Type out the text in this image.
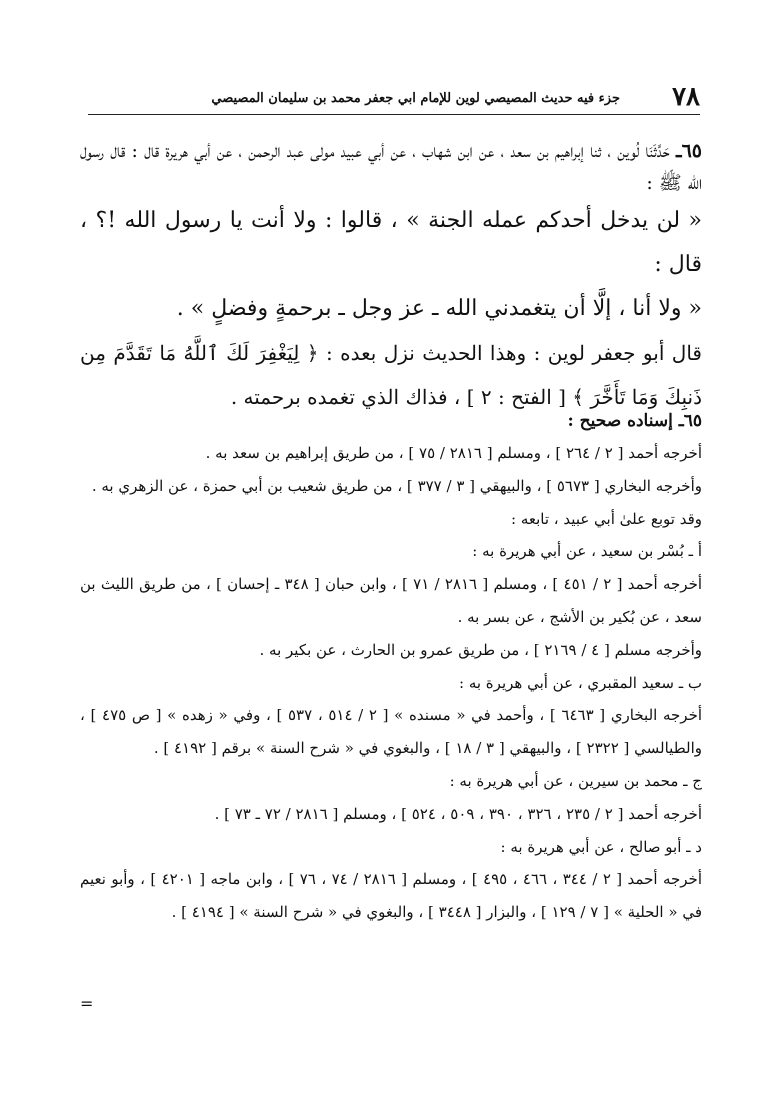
٧٨
جزء فيه حديث المصيصي لوين للإمام ابي جعفر محمد بن سليمان المصيصي

٦٥ـ حَدَّثَنَا لُوين ، ثنا إبراهيم بن سعد ، عن ابن شهاب ، عن أبي عبيد مولى عبد الرحمن ، عن أبي هريرة قال : قال رسول الله ﷺ :

« لن يدخل أحدكم عمله الجنة » ، قالوا : ولا أنت يا رسول الله !؟ ، قال :

« ولا أنا ، إلَّا أن يتغمدني الله ـ عز وجل ـ برحمةٍ وفضلٍ » .

قال أبو جعفر لوين : وهذا الحديث نزل بعده : ﴿ لِيَغْفِرَ لَكَ ٱللَّهُ مَا تَقَدَّمَ مِن ذَنبِكَ وَمَا تَأَخَّرَ ﴾ [ الفتح : ٢ ] ، فذاك الذي تغمده برحمته .

٦٥ـ إسناده صحيح :

أخرجه أحمد [ ٢ / ٢٦٤ ] ، ومسلم [ ٢٨١٦ / ٧٥ ] ، من طريق إبراهيم بن سعد به .

وأخرجه البخاري [ ٥٦٧٣ ] ، والبيهقي [ ٣ / ٣٧٧ ] ، من طريق شعيب بن أبي حمزة ، عن الزهري به .

وقد توبع علىٰ أبي عبيد ، تابعه :

أ ـ بُسْر بن سعيد ، عن أبي هريرة به :

أخرجه أحمد [ ٢ / ٤٥١ ] ، ومسلم [ ٢٨١٦ / ٧١ ] ، وابن حبان [ ٣٤٨ ـ إحسان ] ، من طريق الليث بن سعد ، عن بُكير بن الأشج ، عن بسر به .

وأخرجه مسلم [ ٤ / ٢١٦٩ ] ، من طريق عمرو بن الحارث ، عن بكير به .

ب ـ سعيد المقبري ، عن أبي هريرة به :

أخرجه البخاري [ ٦٤٦٣ ] ، وأحمد في « مسنده » [ ٢ / ٥١٤ ، ٥٣٧ ] ، وفي « زهده » [ ص ٤٧٥ ] ، والطيالسي [ ٢٣٢٢ ] ، والبيهقي [ ٣ / ١٨ ] ، والبغوي في « شرح السنة » برقم [ ٤١٩٢ ] .

ج ـ محمد بن سيرين ، عن أبي هريرة به :

أخرجه أحمد [ ٢ / ٢٣٥ ، ٣٢٦ ، ٣٩٠ ، ٥٠٩ ، ٥٢٤ ] ، ومسلم [ ٢٨١٦ / ٧٢ ـ ٧٣ ] .

د ـ أبو صالح ، عن أبي هريرة به :

أخرجه أحمد [ ٢ / ٣٤٤ ، ٤٦٦ ، ٤٩٥ ] ، ومسلم [ ٢٨١٦ / ٧٤ ، ٧٦ ] ، وابن ماجه [ ٤٢٠١ ] ، وأبو نعيم في « الحلية » [ ٧ / ١٢٩ ] ، والبزار [ ٣٤٤٨ ] ، والبغوي في « شرح السنة » [ ٤١٩٤ ] .

=
